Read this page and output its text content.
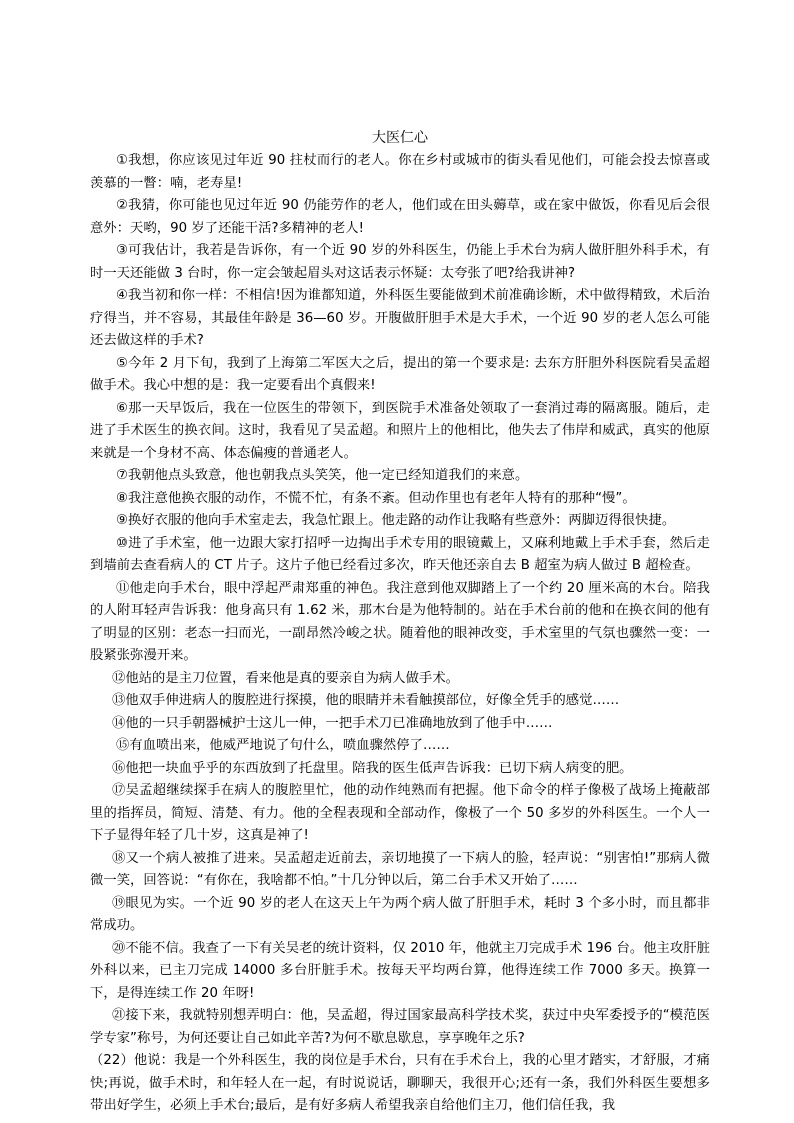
大医仁心

①我想，你应该见过年近 90 拄杖而行的老人。你在乡村或城市的街头看见他们，可能会投去惊喜或羡慕的一瞥：喃，老寿星!

②我猜，你可能也见过年近 90 仍能劳作的老人，他们或在田头薅草，或在家中做饭，你看见后会很意外：天哟，90 岁了还能干活?多精神的老人!

③可我估计，我若是告诉你，有一个近 90 岁的外科医生，仍能上手术台为病人做肝胆外科手术，有时一天还能做 3 台时，你一定会皱起眉头对这话表示怀疑：太夸张了吧?给我讲神?

④我当初和你一样：不相信!因为谁都知道，外科医生要能做到术前准确诊断，术中做得精致，术后治疗得当，并不容易，其最佳年龄是 36—60 岁。开腹做肝胆手术是大手术，一个近 90 岁的老人怎么可能还去做这样的手术?

⑤今年 2 月下旬，我到了上海第二军医大之后，提出的第一个要求是: 去东方肝胆外科医院看吴孟超做手术。我心中想的是：我一定要看出个真假来!

⑥那一天早饭后，我在一位医生的带领下，到医院手术准备处领取了一套消过毒的隔离服。随后，走进了手术医生的换衣间。这时，我看见了吴孟超。和照片上的他相比，他失去了伟岸和威武，真实的他原来就是一个身材不高、体态偏瘦的普通老人。

⑦我朝他点头致意，他也朝我点头笑笑，他一定已经知道我们的来意。

⑧我注意他换衣服的动作，不慌不忙，有条不紊。但动作里也有老年人特有的那种“慢”。

⑨换好衣服的他向手术室走去，我急忙跟上。他走路的动作让我略有些意外：两脚迈得很快捷。

⑩进了手术室，他一边跟大家打招呼一边掏出手术专用的眼镜戴上，又麻利地戴上手术手套，然后走到墙前去查看病人的 CT 片子。这片子他已经看过多次，昨天他还亲自去 B 超室为病人做过 B 超检查。

⑪他走向手术台，眼中浮起严肃郑重的神色。我注意到他双脚踏上了一个约 20 厘米高的木台。陪我的人附耳轻声告诉我：他身高只有 1.62 米，那木台是为他特制的。站在手术台前的他和在换衣间的他有了明显的区别：老态一扫而光，一副昂然冷峻之状。随着他的眼神改变，手术室里的气氛也骤然一变：一股紧张弥漫开来。

⑫他站的是主刀位置，看来他是真的要亲自为病人做手术。

⑬他双手伸进病人的腹腔进行探摸，他的眼睛并未看触摸部位，好像全凭手的感觉……

⑭他的一只手朝器械护士这儿一伸，一把手术刀已准确地放到了他手中……

⑮有血喷出来，他威严地说了句什么，喷血骤然停了……

⑯他把一块血乎乎的东西放到了托盘里。陪我的医生低声告诉我：已切下病人病变的肥。

⑰吴孟超继续探手在病人的腹腔里忙，他的动作纯熟而有把握。他下命令的样子像极了战场上掩蔽部里的指挥员，简短、清楚、有力。他的全程表现和全部动作，像极了一个 50 多岁的外科医生。一个人一下子显得年轻了几十岁，这真是神了!

⑱又一个病人被推了进来。吴孟超走近前去，亲切地摸了一下病人的脸，轻声说：“别害怕!”那病人微微一笑，回答说：“有你在，我啥都不怕。”十几分钟以后，第二台手术又开始了……

⑲眼见为实。一个近 90 岁的老人在这天上午为两个病人做了肝胆手术，耗时 3 个多小时，而且都非常成功。

⑳不能不信。我查了一下有关吴老的统计资料，仅 2010 年，他就主刀完成手术 196 台。他主攻肝脏外科以来，已主刀完成 14000 多台肝脏手术。按每天平均两台算，他得连续工作 7000 多天。换算一下，是得连续工作 20 年呀!

㉑接下来，我就特别想弄明白：他，吴孟超，得过国家最高科学技术奖，获过中央军委授予的“模范医学专家”称号，为何还要让自己如此辛苦?为何不歇息歇息，享享晚年之乐?

（22）他说：我是一个外科医生，我的岗位是手术台，只有在手术台上，我的心里才踏实，才舒服，才痛快;再说，做手术时，和年轻人在一起，有时说说话，聊聊天，我很开心;还有一条，我们外科医生要想多带出好学生，必须上手术台;最后，是有好多病人希望我亲自给他们主刀，他们信任我，我
